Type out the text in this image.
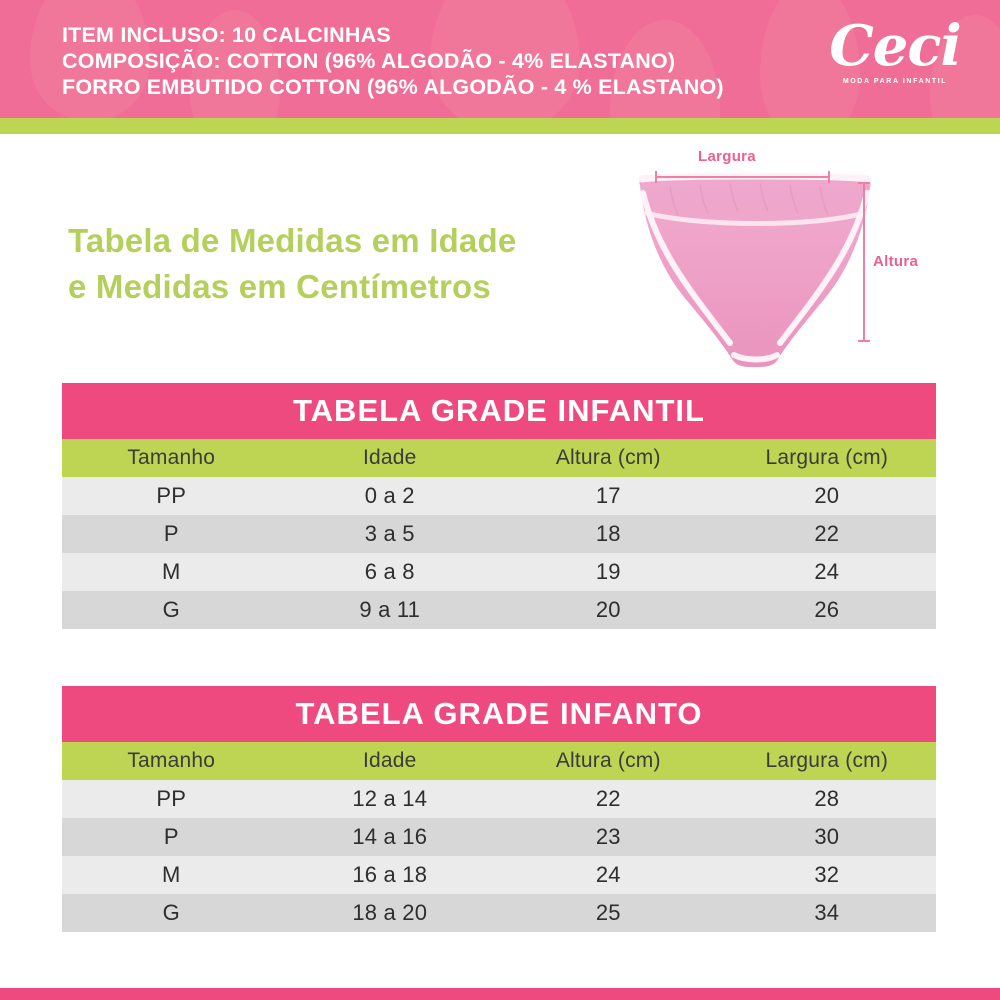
ITEM INCLUSO: 10 CALCINHAS
COMPOSIÇÃO: COTTON (96% ALGODÃO - 4% ELASTANO)
FORRO EMBUTIDO COTTON (96% ALGODÃO - 4 % ELASTANO)
Ceci
MODA PARA INFANTIL
Tabela de Medidas em Idade
e Medidas em Centímetros
Largura
Altura
TABELA GRADE INFANTIL
Tamanho	Idade	Altura (cm)	Largura (cm)
PP	0 a 2	17	20
P	3 a 5	18	22
M	6 a 8	19	24
G	9 a 11	20	26
TABELA GRADE INFANTO
Tamanho	Idade	Altura (cm)	Largura (cm)
PP	12 a 14	22	28
P	14 a 16	23	30
M	16 a 18	24	32
G	18 a 20	25	34
